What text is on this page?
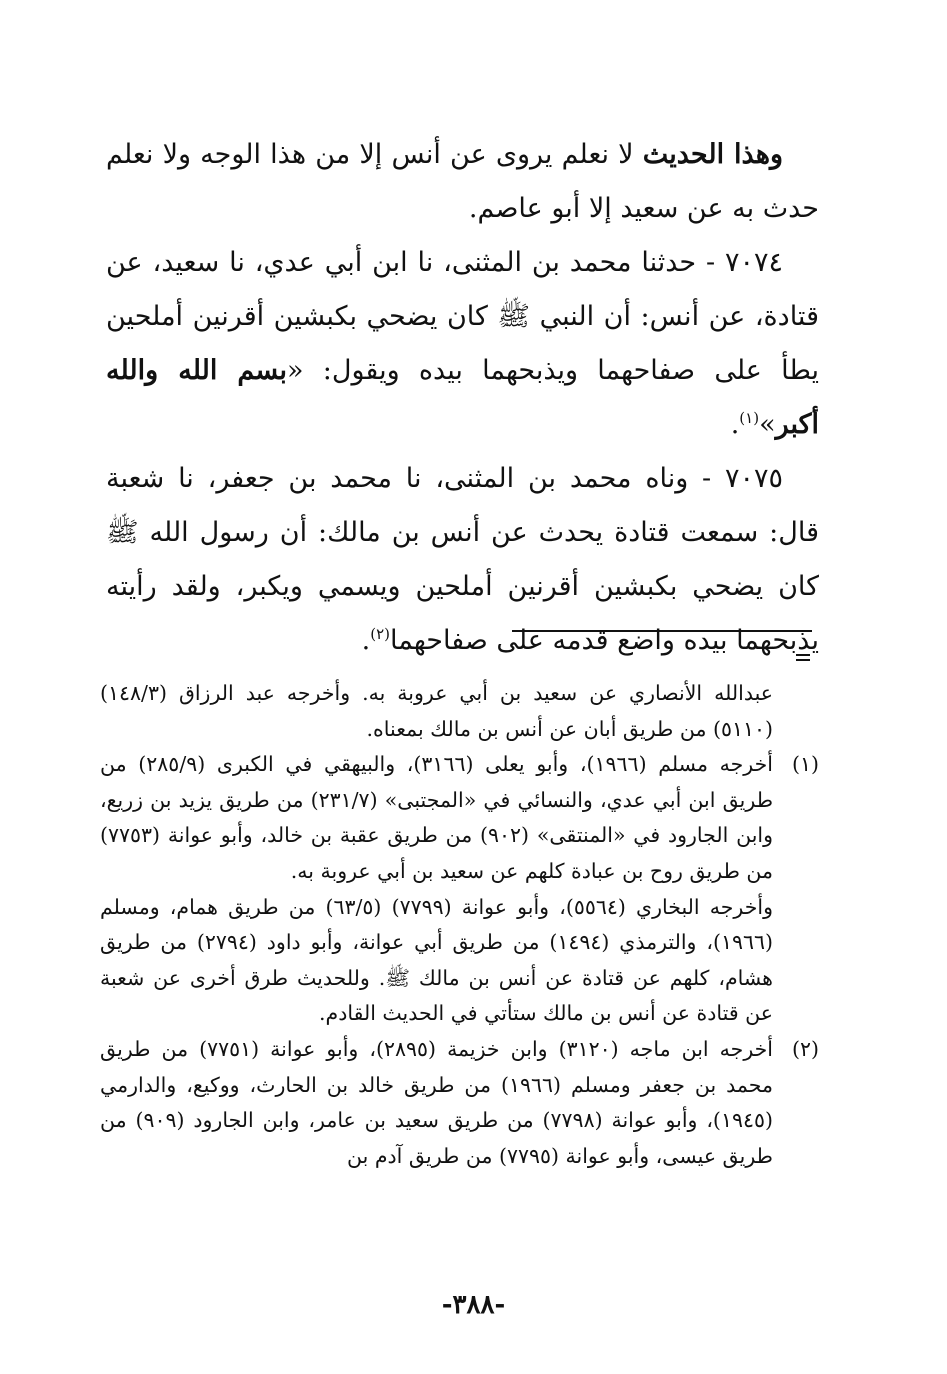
وهذا الحديث لا نعلم يروى عن أنس إلا من هذا الوجه ولا نعلم حدث به عن سعيد إلا أبو عاصم.

٧٠٧٤ - حدثنا محمد بن المثنى، نا ابن أبي عدي، نا سعيد، عن قتادة، عن أنس: أن النبي ﷺ كان يضحي بكبشين أقرنين أملحين يطأ على صفاحهما ويذبحهما بيده ويقول: «بسم الله والله أكبر»$^{(١)}$.

٧٠٧٥ - وناه محمد بن المثنى، نا محمد بن جعفر، نا شعبة قال: سمعت قتادة يحدث عن أنس بن مالك: أن رسول الله ﷺ كان يضحي بكبشين أقرنين أملحين ويسمي ويكبر، ولقد رأيته يذبحهما بيده واضع قدمه على صفاحهما$^{(٢)}$.

عبدالله الأنصاري عن سعيد بن أبي عروبة به. وأخرجه عبد الرزاق (١٤٨/٣) (٥١١٠) من طريق أبان عن أنس بن مالك بمعناه.

(١)

أخرجه مسلم (١٩٦٦)، وأبو يعلى (٣١٦٦)، والبيهقي في الكبرى (٢٨٥/٩) من طريق ابن أبي عدي، والنسائي في «المجتبى» (٢٣١/٧) من طريق يزيد بن زريع، وابن الجارود في «المنتقى» (٩٠٢) من طريق عقبة بن خالد، وأبو عوانة (٧٧٥٣) من طريق روح بن عبادة كلهم عن سعيد بن أبي عروبة به.

وأخرجه البخاري (٥٥٦٤)، وأبو عوانة (٧٧٩٩) (٦٣/٥) من طريق همام، ومسلم (١٩٦٦)، والترمذي (١٤٩٤) من طريق أبي عوانة، وأبو داود (٢٧٩٤) من طريق هشام، كلهم عن قتادة عن أنس بن مالك ﷺ. وللحديث طرق أخرى عن شعبة عن قتادة عن أنس بن مالك ستأتي في الحديث القادم.

(٢)

أخرجه ابن ماجه (٣١٢٠) وابن خزيمة (٢٨٩٥)، وأبو عوانة (٧٧٥١) من طريق محمد بن جعفر ومسلم (١٩٦٦) من طريق خالد بن الحارث، ووكيع، والدارمي (١٩٤٥)، وأبو عوانة (٧٧٩٨) من طريق سعيد بن عامر، وابن الجارود (٩٠٩) من طريق عيسى، وأبو عوانة (٧٧٩٥) من طريق آدم بن

-٣٨٨-
